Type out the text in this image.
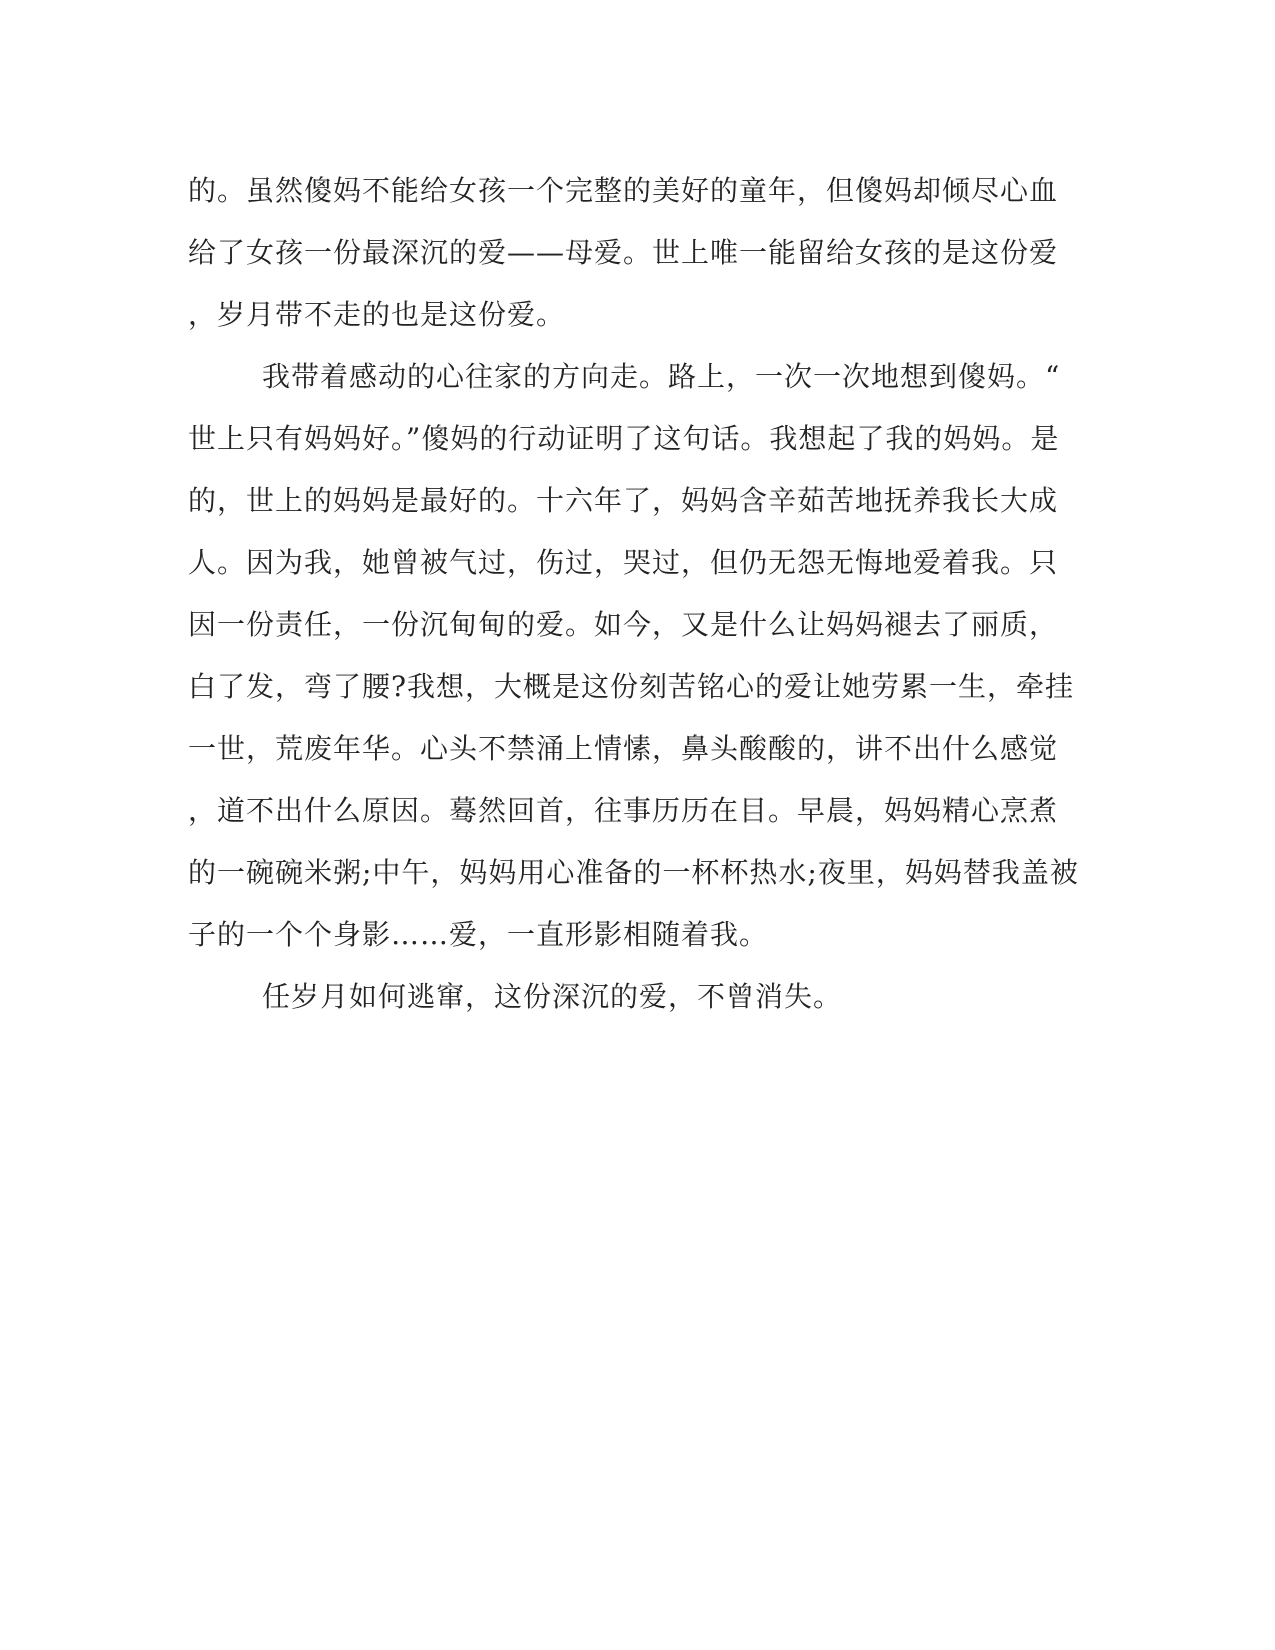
的。虽然傻妈不能给女孩一个完整的美好的童年，但傻妈却倾尽心血
给了女孩一份最深沉的爱——母爱。世上唯一能留给女孩的是这份爱
，岁月带不走的也是这份爱。
我带着感动的心往家的方向走。路上，一次一次地想到傻妈。“
世上只有妈妈好。”傻妈的行动证明了这句话。我想起了我的妈妈。是
的，世上的妈妈是最好的。十六年了，妈妈含辛茹苦地抚养我长大成
人。因为我，她曾被气过，伤过，哭过，但仍无怨无悔地爱着我。只
因一份责任，一份沉甸甸的爱。如今，又是什么让妈妈褪去了丽质，
白了发，弯了腰?我想，大概是这份刻苦铭心的爱让她劳累一生，牵挂
一世，荒废年华。心头不禁涌上情愫，鼻头酸酸的，讲不出什么感觉
，道不出什么原因。蓦然回首，往事历历在目。早晨，妈妈精心烹煮
的一碗碗米粥;中午，妈妈用心准备的一杯杯热水;夜里，妈妈替我盖被
子的一个个身影……爱，一直形影相随着我。
任岁月如何逃窜，这份深沉的爱，不曾消失。
